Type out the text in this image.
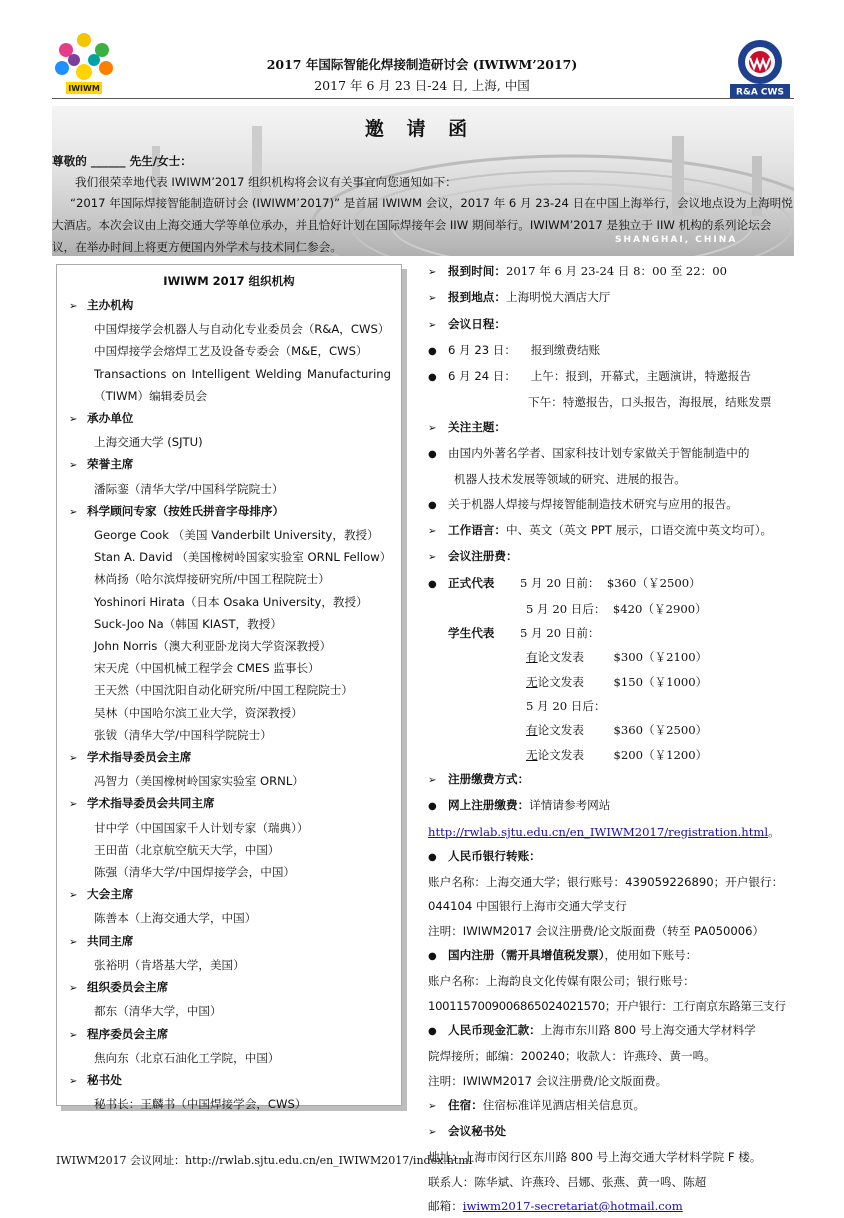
IWIWM
2017 年国际智能化焊接制造研讨会 (IWIWM’2017)
2017 年 6 月 23 日-24 日, 上海, 中国	R&A CWS
邀 请 函
SHANGHAI, CHINA
尊敬的 ______ 先生/女士：
我们很荣幸地代表 IWIWM’2017 组织机构将会议有关事宜向您通知如下：
“2017 年国际焊接智能制造研讨会 (IWIWM’2017)” 是首届 IWIWM 会议，2017 年 6 月 23-24 日在中国上海举行，会议地点设为上海明悦大酒店。本次会议由上海交通大学等单位承办，并且恰好计划在国际焊接年会 IIW 期间举行。IWIWM’2017 是独立于 IIW 机构的系列论坛会议，在举办时间上将更方便国内外学术与技术同仁参会。
IWIWM 2017 组织机构
➢ 主办机构
中国焊接学会机器人与自动化专业委员会（R&A，CWS）
中国焊接学会熔焊工艺及设备专委会（M&E，CWS）
Transactions on Intelligent Welding Manufacturing
（TIWM）编辑委员会
➢ 承办单位
上海交通大学 (SJTU)
➢ 荣誉主席
潘际銮（清华大学/中国科学院院士）
➢ 科学顾问专家（按姓氏拼音字母排序）
George Cook （美国 Vanderbilt University，教授）
Stan A. David （美国橡树岭国家实验室 ORNL Fellow）
林尚扬（哈尔滨焊接研究所/中国工程院院士）
Yoshinori Hirata（日本 Osaka University，教授）
Suck-Joo Na（韩国 KIAST，教授）
John Norris（澳大利亚卧龙岗大学资深教授）
宋天虎（中国机械工程学会 CMES 监事长）
王天然（中国沈阳自动化研究所/中国工程院院士）
吴林（中国哈尔滨工业大学，资深教授）
张钹（清华大学/中国科学院院士）
➢ 学术指导委员会主席
冯智力（美国橡树岭国家实验室 ORNL）
➢ 学术指导委员会共同主席
甘中学（中国国家千人计划专家（瑞典））
王田苗（北京航空航天大学，中国）
陈强（清华大学/中国焊接学会，中国）
➢ 大会主席
陈善本（上海交通大学，中国）
➢ 共同主席
张裕明（肯塔基大学，美国）
➢ 组织委员会主席
都东（清华大学，中国）
➢ 程序委员会主席
焦向东（北京石油化工学院，中国）
➢ 秘书处
秘书长：王麟书（中国焊接学会，CWS）
➢ 报到时间：2017 年 6 月 23-24 日 8：00 至 22：00
➢ 报到地点：上海明悦大酒店大厅
➢ 会议日程：
● 6 月 23 日：    报到缴费结账
● 6 月 24 日：    上午：报到，开幕式，主题演讲，特邀报告
下午：特邀报告，口头报告，海报展，结账发票
➢ 关注主题：
● 由国内外著名学者、国家科技计划专家做关于智能制造中的
机器人技术发展等领域的研究、进展的报告。
● 关于机器人焊接与焊接智能制造技术研究与应用的报告。
➢ 工作语言：中、英文（英文 PPT 展示，口语交流中英文均可）。
➢ 会议注册费：
● 正式代表 5 月 20 日前：  $360（￥2500）
5 月 20 日后：  $420（￥2900）
学生代表 5 月 20 日前：
有论文发表        $300（￥2100）
无论文发表        $150（￥1000）
5 月 20 日后：
有论文发表        $360（￥2500）
无论文发表        $200（￥1200）
➢ 注册缴费方式：
● 网上注册缴费：详情请参考网站
http://rwlab.sjtu.edu.cn/en_IWIWM2017/registration.html。
● 人民币银行转账：
账户名称：上海交通大学；银行账号：439059226890；开户银行：
044104 中国银行上海市交通大学支行
注明：IWIWM2017 会议注册费/论文版面费（转至 PA050006）
● 国内注册（需开具增值税发票），使用如下账号：
账户名称：上海韵良文化传媒有限公司；银行账号：
1001157009006865024021570；开户银行：工行南京东路第三支行
● 人民币现金汇款：上海市东川路 800 号上海交通大学材料学
院焊接所；邮编：200240；收款人：许燕玲、黄一鸣。
注明：IWIWM2017 会议注册费/论文版面费。
➢ 住宿：住宿标准详见酒店相关信息页。
➢ 会议秘书处
地址：上海市闵行区东川路 800 号上海交通大学材料学院 F 楼。
联系人：陈华斌、许燕玲、吕娜、张燕、黄一鸣、陈超
邮箱：iwiwm2017-secretariat@hotmail.com
IWIWM2017 会议网址：http://rwlab.sjtu.edu.cn/en_IWIWM2017/index.html
